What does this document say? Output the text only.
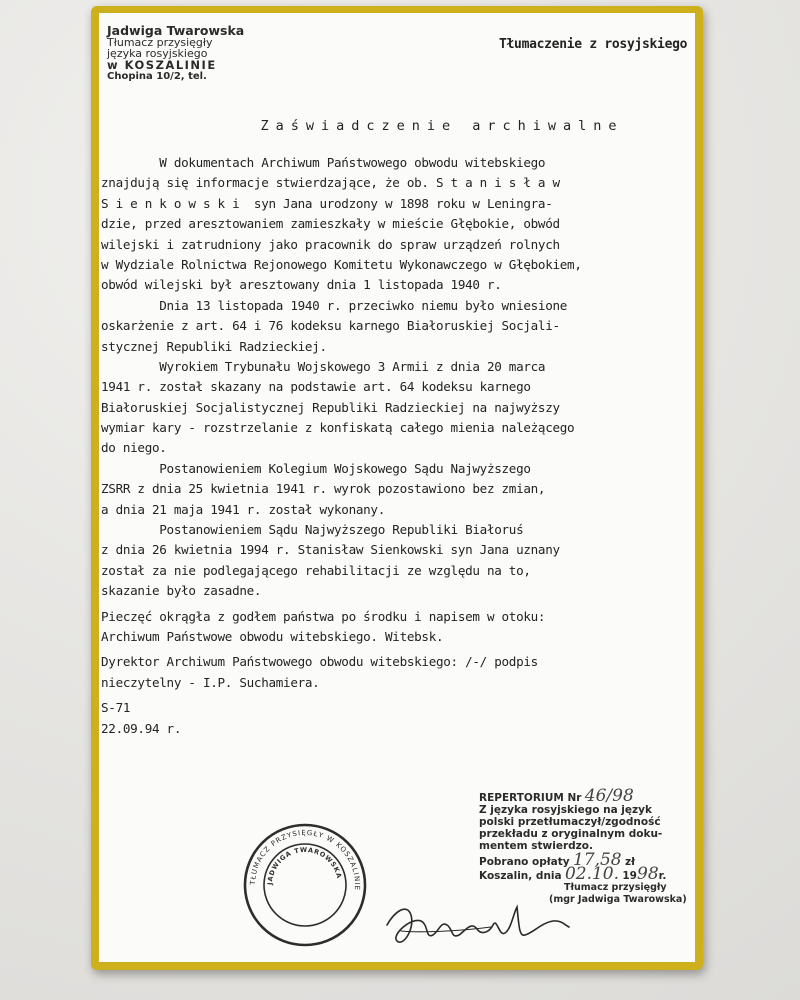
Jadwiga Twarowska
Tłumacz przysięgły
języka rosyjskiego
w KOSZALINIE
Chopina 10/2, tel.
Tłumaczenie z rosyjskiego
Zaświadczenie archiwalne
W dokumentach Archiwum Państwowego obwodu witebskiego
znajdują się informacje stwierdzające, że ob. S t a n i s ł a w
S i e n k o w s k i  syn Jana urodzony w 1898 roku w Leningra-
dzie, przed aresztowaniem zamieszkały w mieście Głębokie, obwód
wilejski i zatrudniony jako pracownik do spraw urządzeń rolnych
w Wydziale Rolnictwa Rejonowego Komitetu Wykonawczego w Głębokiem,
obwód wilejski był aresztowany dnia 1 listopada 1940 r.
Dnia 13 listopada 1940 r. przeciwko niemu było wniesione
oskarżenie z art. 64 i 76 kodeksu karnego Białoruskiej Socjali-
stycznej Republiki Radzieckiej.
Wyrokiem Trybunału Wojskowego 3 Armii z dnia 20 marca
1941 r. został skazany na podstawie art. 64 kodeksu karnego
Białoruskiej Socjalistycznej Republiki Radzieckiej na najwyższy
wymiar kary - rozstrzelanie z konfiskatą całego mienia należącego
do niego.
Postanowieniem Kolegium Wojskowego Sądu Najwyższego
ZSRR z dnia 25 kwietnia 1941 r. wyrok pozostawiono bez zmian,
a dnia 21 maja 1941 r. został wykonany.
Postanowieniem Sądu Najwyższego Republiki Białoruś
z dnia 26 kwietnia 1994 r. Stanisław Sienkowski syn Jana uznany
został za nie podlegającego rehabilitacji ze względu na to,
skazanie było zasadne.
Pieczęć okrągła z godłem państwa po środku i napisem w otoku:
Archiwum Państwowe obwodu witebskiego. Witebsk.
Dyrektor Archiwum Państwowego obwodu witebskiego: /-/ podpis
nieczytelny - I.P. Suchamiera.
S-71
22.09.94 r.
REPERTORIUM Nr 46/98
Z języka rosyjskiego na język
polski przetłumaczył/zgodność
przekładu z oryginalnym doku-
mentem stwierdzo.
Pobrano opłaty 17,58 zł
Koszalin, dnia 02.10. 1998r.
Tłumacz przysięgły
(mgr Jadwiga Twarowska)
TŁUMACZ PRZYSIĘGŁY W KOSZALINIE
JADWIGA TWAROWSKA
